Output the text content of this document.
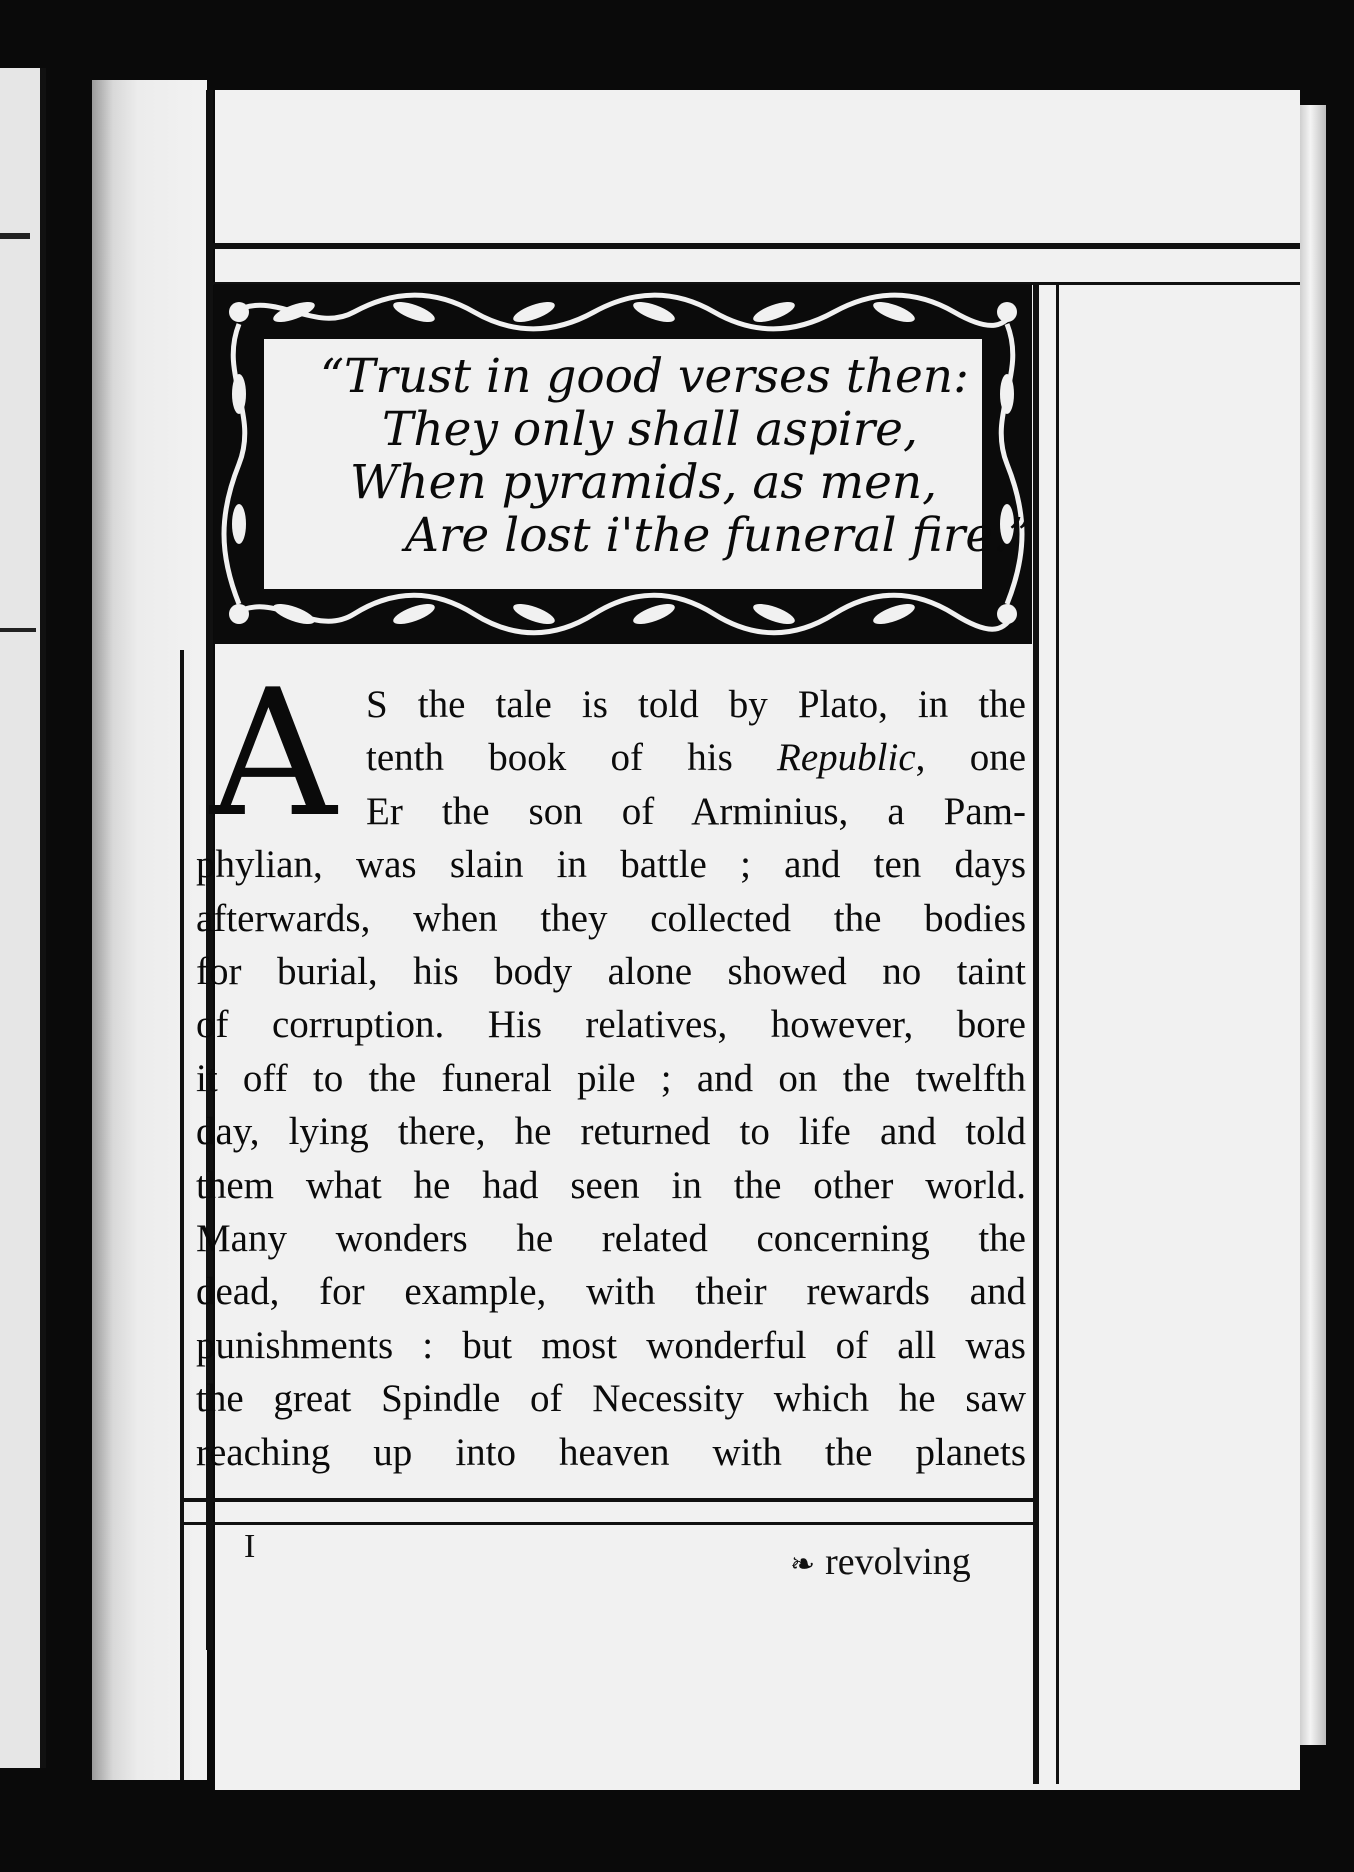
“Trust in good verses then:
They only shall aspire,
When pyramids, as men,
Are lost i'the funeral fire.”
A S the tale is told by Plato, in the
tenth book of his Republic, one
Er the son of Arminius, a Pam-
phylian, was slain in battle ; and ten days
afterwards, when they collected the bodies
for burial, his body alone showed no taint
of corruption. His relatives, however, bore
it off to the funeral pile ; and on the twelfth
day, lying there, he returned to life and told
them what he had seen in the other world.
Many wonders he related concerning the
dead, for example, with their rewards and
punishments : but most wonderful of all was
the great Spindle of Necessity which he saw
reaching up into heaven with the planets
I	❧ revolving
